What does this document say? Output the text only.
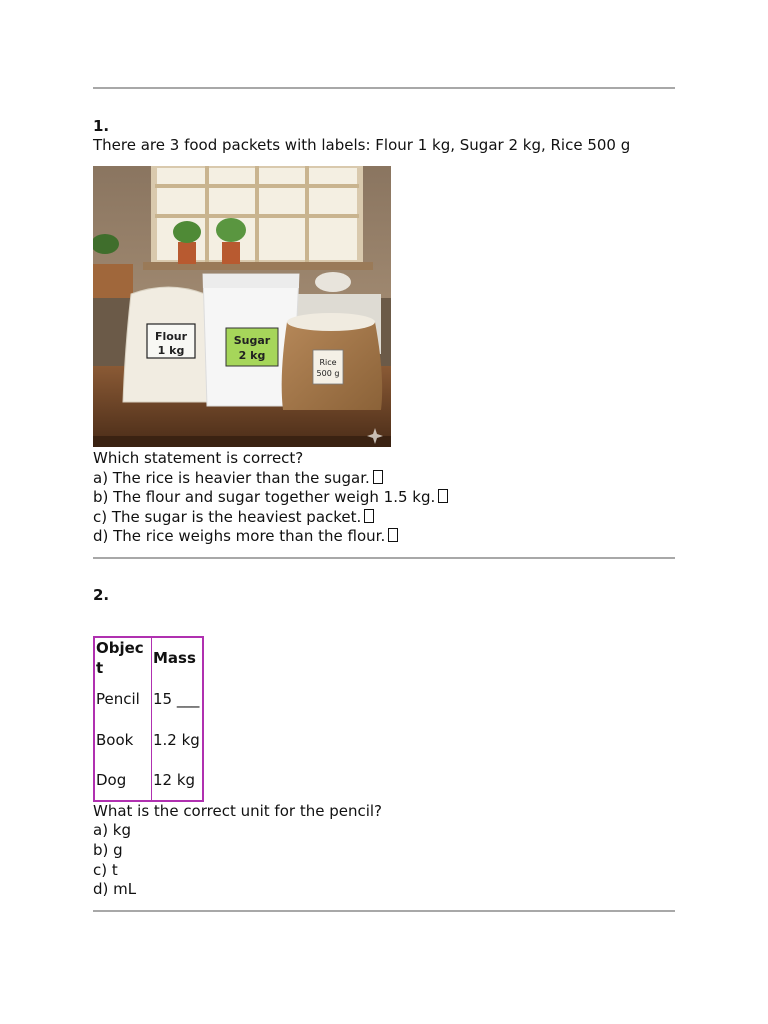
1.
There are 3 food packets with labels: Flour 1 kg, Sugar 2 kg, Rice 500 g
Flour
1 kg
Sugar
2 kg
Rice
500 g
Which statement is correct?
a) The rice is heavier than the sugar.
b) The flour and sugar together weigh 1.5 kg.
c) The sugar is the heaviest packet.
d) The rice weighs more than the flour.
2.
Object	Mass
Pencil	15 ___
Book	1.2 kg
Dog	12 kg
What is the correct unit for the pencil?
a) kg
b) g
c) t
d) mL
